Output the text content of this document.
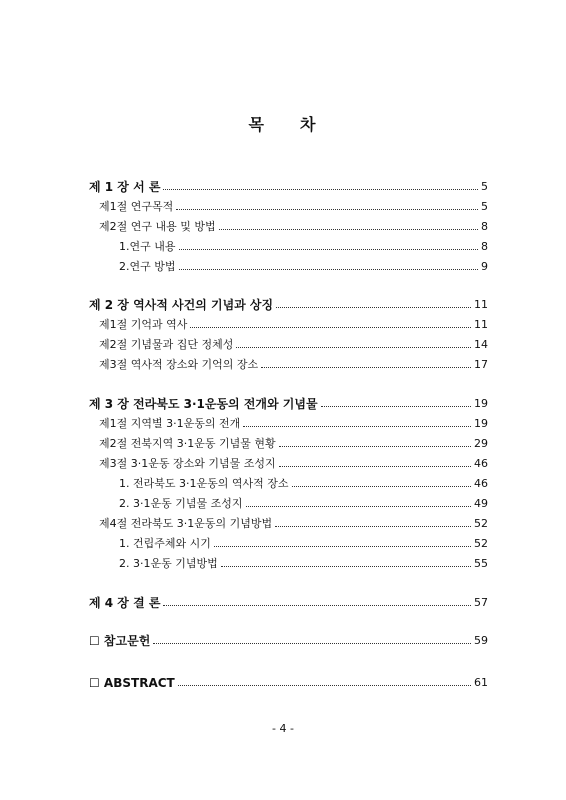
목 차
제 1 장 서 론	5
제1절 연구목적	5
제2절 연구 내용 및 방법	8
1.연구 내용	8
2.연구 방법	9
제 2 장 역사적 사건의 기념과 상징	11
제1절 기억과 역사	11
제2절 기념물과 집단 정체성	14
제3절 역사적 장소와 기억의 장소	17
제 3 장 전라북도 3·1운동의 전개와 기념물	19
제1절 지역별 3·1운동의 전개	19
제2절 전북지역 3·1운동 기념물 현황	29
제3절 3·1운동 장소와 기념물 조성지	46
1. 전라북도 3·1운동의 역사적 장소	46
2. 3·1운동 기념물 조성지	49
제4절 전라북도 3·1운동의 기념방법	52
1. 건립주체와 시기	52
2. 3·1운동 기념방법	55
제 4 장 결 론	57
☐ 참고문헌	59
☐ ABSTRACT	61
- 4 -
